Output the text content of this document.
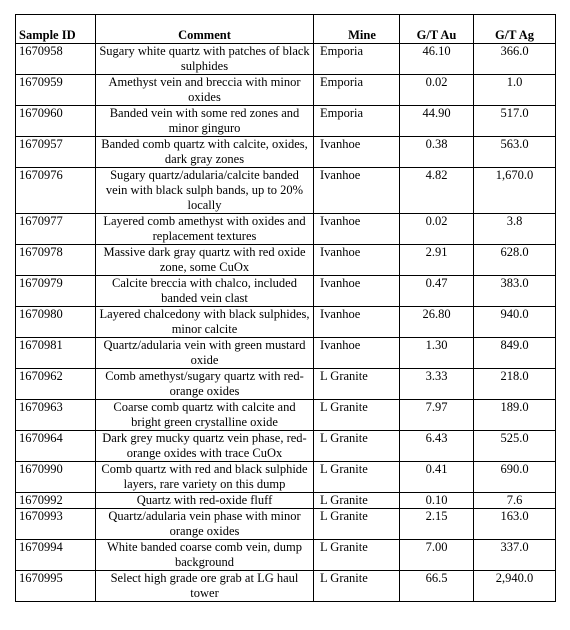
Sample ID	Comment	Mine	G/T Au	G/T Ag
1670958	Sugary white quartz with patches of black sulphides	Emporia	46.10	366.0
1670959	Amethyst vein and breccia with minor oxides	Emporia	0.02	1.0
1670960	Banded vein with some red zones and minor ginguro	Emporia	44.90	517.0
1670957	Banded comb quartz with calcite, oxides, dark gray zones	Ivanhoe	0.38	563.0
1670976	Sugary quartz/adularia/calcite banded vein with black sulph bands, up to 20% locally	Ivanhoe	4.82	1,670.0
1670977	Layered comb amethyst with oxides and replacement textures	Ivanhoe	0.02	3.8
1670978	Massive dark gray quartz with red oxide zone, some CuOx	Ivanhoe	2.91	628.0
1670979	Calcite breccia with chalco, included banded vein clast	Ivanhoe	0.47	383.0
1670980	Layered chalcedony with black sulphides, minor calcite	Ivanhoe	26.80	940.0
1670981	Quartz/adularia vein with green mustard oxide	Ivanhoe	1.30	849.0
1670962	Comb amethyst/sugary quartz with red-orange oxides	L Granite	3.33	218.0
1670963	Coarse comb quartz with calcite and bright green crystalline oxide	L Granite	7.97	189.0
1670964	Dark grey mucky quartz vein phase, red-orange oxides with trace CuOx	L Granite	6.43	525.0
1670990	Comb quartz with red and black sulphide layers, rare variety on this dump	L Granite	0.41	690.0
1670992	Quartz with red-oxide fluff	L Granite	0.10	7.6
1670993	Quartz/adularia vein phase with minor orange oxides	L Granite	2.15	163.0
1670994	White banded coarse comb vein, dump background	L Granite	7.00	337.0
1670995	Select high grade ore grab at LG haul tower	L Granite	66.5	2,940.0
